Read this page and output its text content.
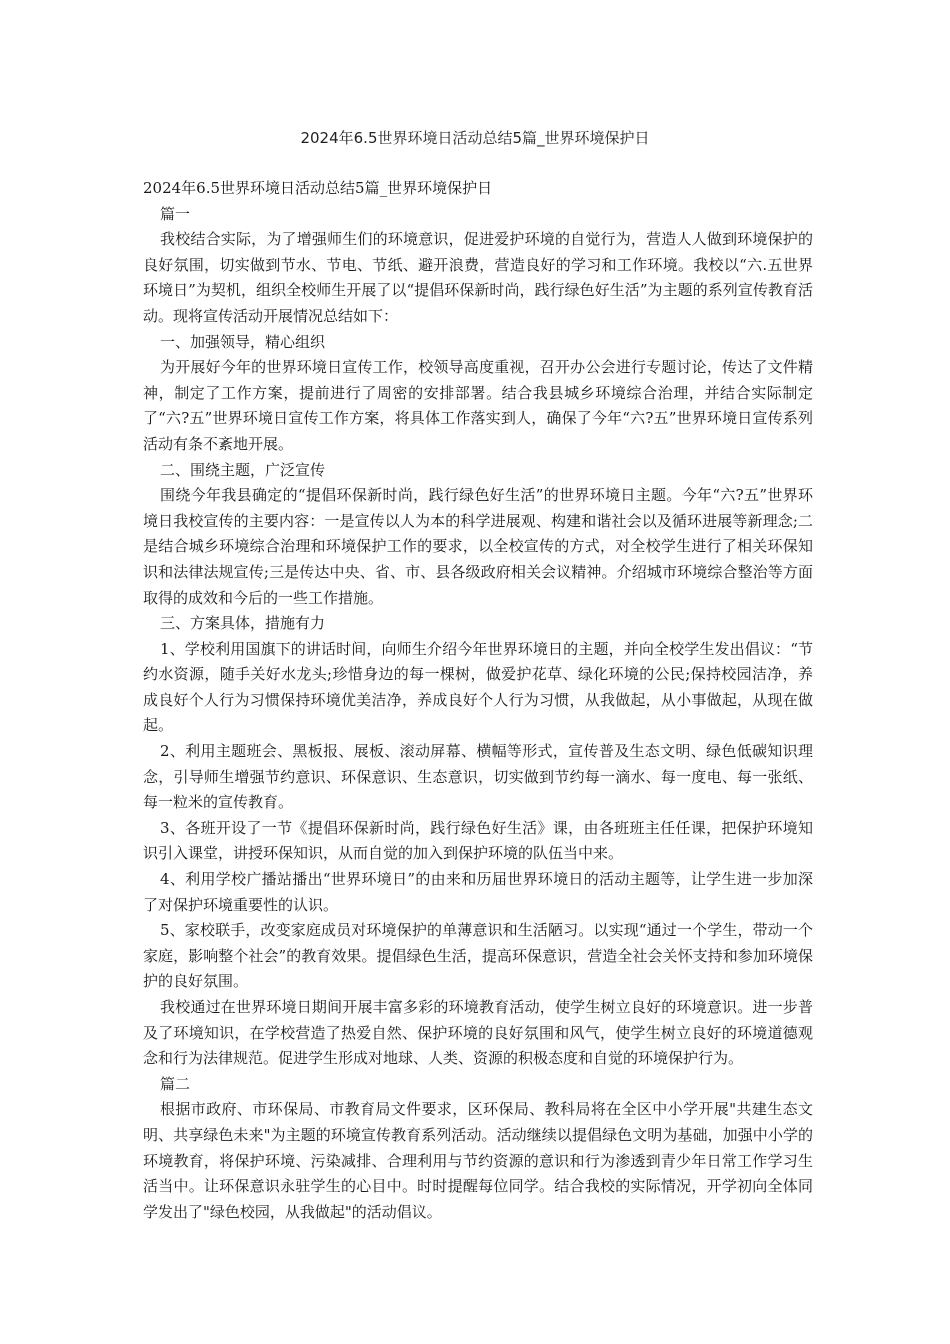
2024年6.5世界环境日活动总结5篇_世界环境保护日

2024年6.5世界环境日活动总结5篇_世界环境保护日

篇一

我校结合实际，为了增强师生们的环境意识，促进爱护环境的自觉行为，营造人人做到环境保护的良好氛围，切实做到节水、节电、节纸、避开浪费，营造良好的学习和工作环境。我校以“六.五世界环境日”为契机，组织全校师生开展了以“提倡环保新时尚，践行绿色好生活”为主题的系列宣传教育活动。现将宣传活动开展情况总结如下：

一、加强领导，精心组织

为开展好今年的世界环境日宣传工作，校领导高度重视，召开办公会进行专题讨论，传达了文件精神，制定了工作方案，提前进行了周密的安排部署。结合我县城乡环境综合治理，并结合实际制定了“六?五”世界环境日宣传工作方案，将具体工作落实到人，确保了今年“六?五”世界环境日宣传系列活动有条不紊地开展。

二、围绕主题，广泛宣传

围绕今年我县确定的“提倡环保新时尚，践行绿色好生活”的世界环境日主题。今年“六?五”世界环境日我校宣传的主要内容：一是宣传以人为本的科学进展观、构建和谐社会以及循环进展等新理念;二是结合城乡环境综合治理和环境保护工作的要求，以全校宣传的方式，对全校学生进行了相关环保知识和法律法规宣传;三是传达中央、省、市、县各级政府相关会议精神。介绍城市环境综合整治等方面取得的成效和今后的一些工作措施。

三、方案具体，措施有力

1、学校利用国旗下的讲话时间，向师生介绍今年世界环境日的主题，并向全校学生发出倡议：“节约水资源，随手关好水龙头;珍惜身边的每一棵树，做爱护花草、绿化环境的公民;保持校园洁净，养成良好个人行为习惯保持环境优美洁净，养成良好个人行为习惯，从我做起，从小事做起，从现在做起。

2、利用主题班会、黑板报、展板、滚动屏幕、横幅等形式，宣传普及生态文明、绿色低碳知识理念，引导师生增强节约意识、环保意识、生态意识，切实做到节约每一滴水、每一度电、每一张纸、每一粒米的宣传教育。

3、各班开设了一节《提倡环保新时尚，践行绿色好生活》课，由各班班主任任课，把保护环境知识引入课堂，讲授环保知识，从而自觉的加入到保护环境的队伍当中来。

4、利用学校广播站播出“世界环境日”的由来和历届世界环境日的活动主题等，让学生进一步加深了对保护环境重要性的认识。

5、家校联手，改变家庭成员对环境保护的单薄意识和生活陋习。以实现“通过一个学生，带动一个家庭，影响整个社会”的教育效果。提倡绿色生活，提高环保意识，营造全社会关怀支持和参加环境保护的良好氛围。

我校通过在世界环境日期间开展丰富多彩的环境教育活动，使学生树立良好的环境意识。进一步普及了环境知识，在学校营造了热爱自然、保护环境的良好氛围和风气，使学生树立良好的环境道德观念和行为法律规范。促进学生形成对地球、人类、资源的积极态度和自觉的环境保护行为。

篇二

根据市政府、市环保局、市教育局文件要求，区环保局、教科局将在全区中小学开展"共建生态文明、共享绿色未来"为主题的环境宣传教育系列活动。活动继续以提倡绿色文明为基础，加强中小学的环境教育，将保护环境、污染减排、合理利用与节约资源的意识和行为渗透到青少年日常工作学习生活当中。让环保意识永驻学生的心目中。时时提醒每位同学。结合我校的实际情况，开学初向全体同学发出了"绿色校园，从我做起"的活动倡议。
